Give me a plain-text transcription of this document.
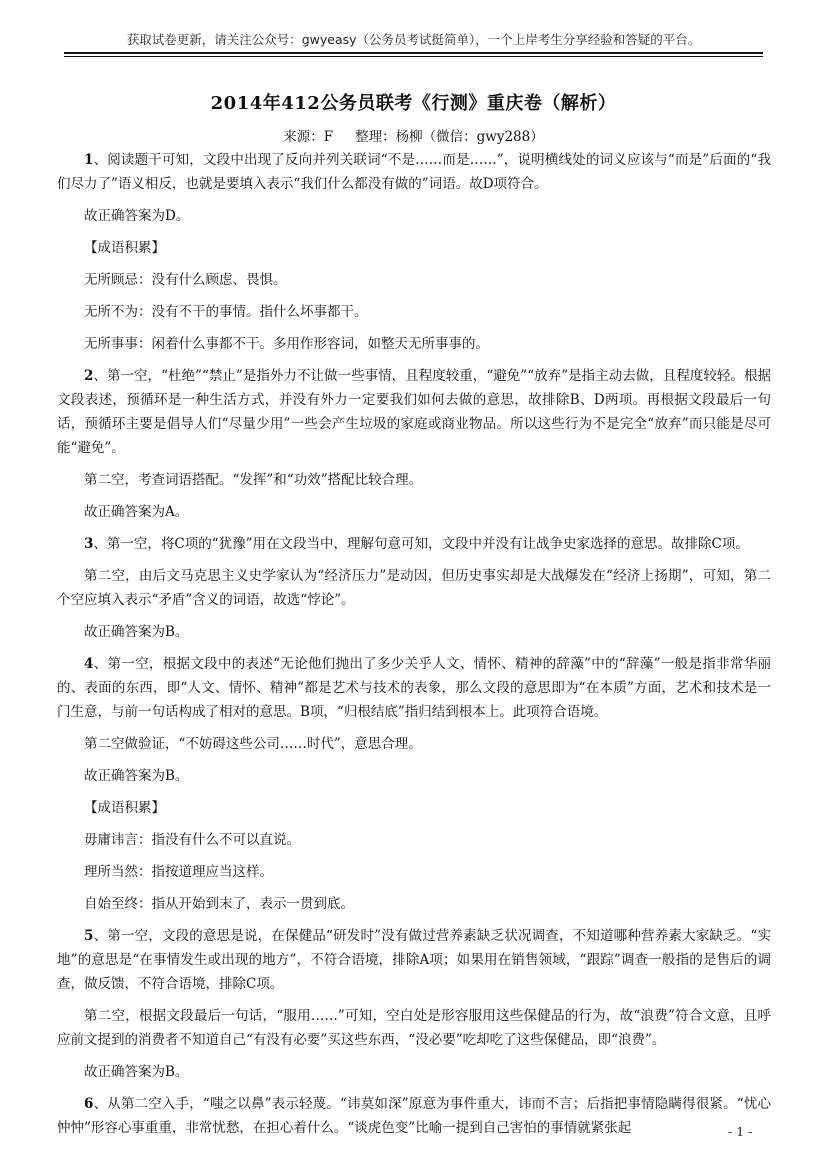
获取试卷更新，请关注公众号：gwyeasy（公务员考试挺简单），一个上岸考生分享经验和答疑的平台。
2014年412公务员联考《行测》重庆卷（解析）
来源：F 整理：杨柳（微信：gwy288）

1、阅读题干可知，文段中出现了反向并列关联词“不是……而是……”，说明横线处的词义应该与“而是”后面的“我们尽力了”语义相反，也就是要填入表示“我们什么都没有做的”词语。故D项符合。

故正确答案为D。

【成语积累】

无所顾忌：没有什么顾虑、畏惧。

无所不为：没有不干的事情。指什么坏事都干。

无所事事：闲着什么事都不干。多用作形容词，如整天无所事事的。

2、第一空，“杜绝”“禁止”是指外力不让做一些事情，且程度较重，“避免”“放弃”是指主动去做，且程度较轻。根据文段表述，预循环是一种生活方式，并没有外力一定要我们如何去做的意思，故排除B、D两项。再根据文段最后一句话，预循环主要是倡导人们“尽量少用”一些会产生垃圾的家庭或商业物品。所以这些行为不是完全“放弃”而只能是尽可能“避免”。

第二空，考查词语搭配。“发挥”和“功效”搭配比较合理。

故正确答案为A。

3、第一空，将C项的“犹豫”用在文段当中，理解句意可知，文段中并没有让战争史家选择的意思。故排除C项。

第二空，由后文马克思主义史学家认为“经济压力”是动因，但历史事实却是大战爆发在“经济上扬期”，可知，第二个空应填入表示“矛盾”含义的词语，故选“悖论”。

故正确答案为B。

4、第一空，根据文段中的表述“无论他们抛出了多少关乎人文、情怀、精神的辞藻”中的“辞藻”一般是指非常华丽的、表面的东西，即“人文、情怀、精神”都是艺术与技术的表象，那么文段的意思即为“在本质”方面，艺术和技术是一门生意，与前一句话构成了相对的意思。B项，“归根结底”指归结到根本上。此项符合语境。

第二空做验证，“不妨碍这些公司……时代”，意思合理。

故正确答案为B。

【成语积累】

毋庸讳言：指没有什么不可以直说。

理所当然：指按道理应当这样。

自始至终：指从开始到末了，表示一贯到底。

5、第一空，文段的意思是说，在保健品“研发时”没有做过营养素缺乏状况调查，不知道哪种营养素大家缺乏。“实地”的意思是“在事情发生或出现的地方”，不符合语境，排除A项；如果用在销售领域，“跟踪”调查一般指的是售后的调查，做反馈，不符合语境，排除C项。

第二空，根据文段最后一句话，“服用……”可知，空白处是形容服用这些保健品的行为，故“浪费”符合文意，且呼应前文提到的消费者不知道自己“有没有必要”买这些东西，“没必要”吃却吃了这些保健品，即“浪费”。

故正确答案为B。

6、从第二空入手，“嗤之以鼻”表示轻蔑。“讳莫如深”原意为事件重大，讳而不言；后指把事情隐瞒得很紧。“忧心忡忡”形容心事重重，非常忧愁，在担心着什么。“谈虎色变”比喻一提到自己害怕的事情就紧张起	- 1 -
